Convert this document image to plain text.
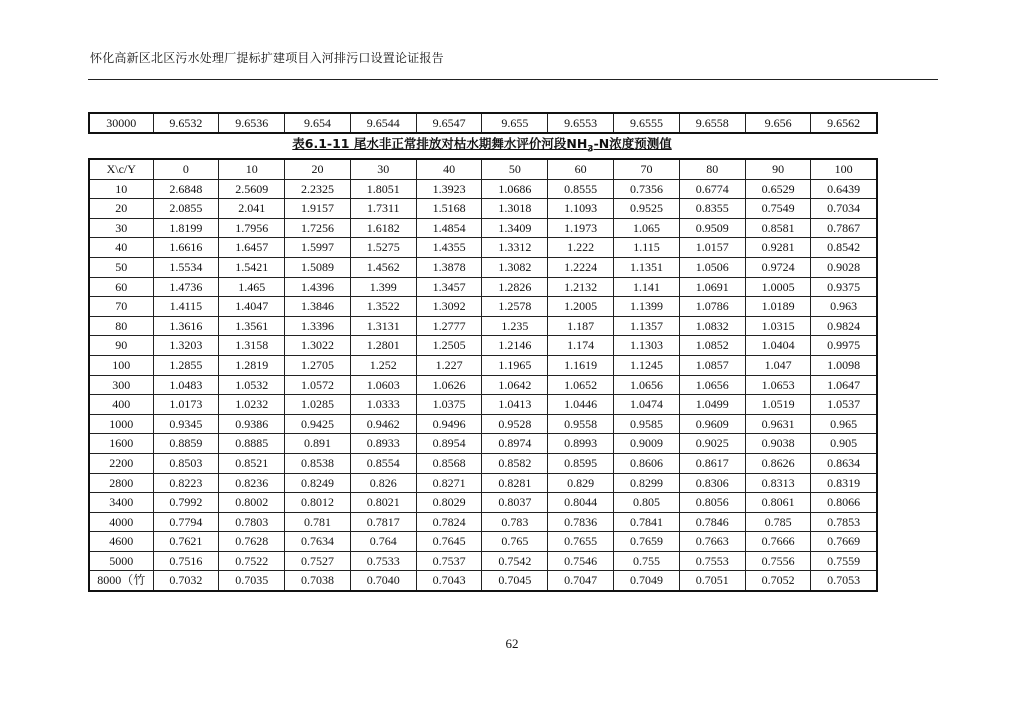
怀化高新区北区污水处理厂提标扩建项目入河排污口设置论证报告
30000	9.6532	9.6536	9.654	9.6544	9.6547	9.655	9.6553	9.6555	9.6558	9.656	9.6562
表6.1-11 尾水非正常排放对枯水期舞水评价河段$NH_3-N$浓度预测值
X\c/Y	0	10	20	30	40	50	60	70	80	90	100
10	2.6848	2.5609	2.2325	1.8051	1.3923	1.0686	0.8555	0.7356	0.6774	0.6529	0.6439
20	2.0855	2.041	1.9157	1.7311	1.5168	1.3018	1.1093	0.9525	0.8355	0.7549	0.7034
30	1.8199	1.7956	1.7256	1.6182	1.4854	1.3409	1.1973	1.065	0.9509	0.8581	0.7867
40	1.6616	1.6457	1.5997	1.5275	1.4355	1.3312	1.222	1.115	1.0157	0.9281	0.8542
50	1.5534	1.5421	1.5089	1.4562	1.3878	1.3082	1.2224	1.1351	1.0506	0.9724	0.9028
60	1.4736	1.465	1.4396	1.399	1.3457	1.2826	1.2132	1.141	1.0691	1.0005	0.9375
70	1.4115	1.4047	1.3846	1.3522	1.3092	1.2578	1.2005	1.1399	1.0786	1.0189	0.963
80	1.3616	1.3561	1.3396	1.3131	1.2777	1.235	1.187	1.1357	1.0832	1.0315	0.9824
90	1.3203	1.3158	1.3022	1.2801	1.2505	1.2146	1.174	1.1303	1.0852	1.0404	0.9975
100	1.2855	1.2819	1.2705	1.252	1.227	1.1965	1.1619	1.1245	1.0857	1.047	1.0098
300	1.0483	1.0532	1.0572	1.0603	1.0626	1.0642	1.0652	1.0656	1.0656	1.0653	1.0647
400	1.0173	1.0232	1.0285	1.0333	1.0375	1.0413	1.0446	1.0474	1.0499	1.0519	1.0537
1000	0.9345	0.9386	0.9425	0.9462	0.9496	0.9528	0.9558	0.9585	0.9609	0.9631	0.965
1600	0.8859	0.8885	0.891	0.8933	0.8954	0.8974	0.8993	0.9009	0.9025	0.9038	0.905
2200	0.8503	0.8521	0.8538	0.8554	0.8568	0.8582	0.8595	0.8606	0.8617	0.8626	0.8634
2800	0.8223	0.8236	0.8249	0.826	0.8271	0.8281	0.829	0.8299	0.8306	0.8313	0.8319
3400	0.7992	0.8002	0.8012	0.8021	0.8029	0.8037	0.8044	0.805	0.8056	0.8061	0.8066
4000	0.7794	0.7803	0.781	0.7817	0.7824	0.783	0.7836	0.7841	0.7846	0.785	0.7853
4600	0.7621	0.7628	0.7634	0.764	0.7645	0.765	0.7655	0.7659	0.7663	0.7666	0.7669
5000	0.7516	0.7522	0.7527	0.7533	0.7537	0.7542	0.7546	0.755	0.7553	0.7556	0.7559
8000（竹	0.7032	0.7035	0.7038	0.7040	0.7043	0.7045	0.7047	0.7049	0.7051	0.7052	0.7053
62
